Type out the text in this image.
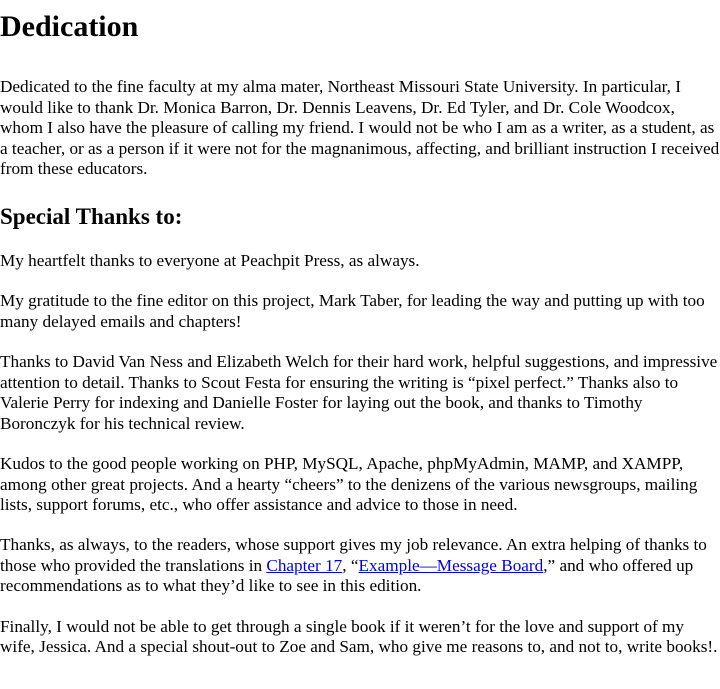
Dedication

Dedicated to the fine faculty at my alma mater, Northeast Missouri State University. In particular, I would like to thank Dr. Monica Barron, Dr. Dennis Leavens, Dr. Ed Tyler, and Dr. Cole Woodcox, whom I also have the pleasure of calling my friend. I would not be who I am as a writer, as a student, as a teacher, or as a person if it were not for the magnanimous, affecting, and brilliant instruction I received from these educators.

Special Thanks to:

My heartfelt thanks to everyone at Peachpit Press, as always.

My gratitude to the fine editor on this project, Mark Taber, for leading the way and putting up with too many delayed emails and chapters!

Thanks to David Van Ness and Elizabeth Welch for their hard work, helpful suggestions, and impressive attention to detail. Thanks to Scout Festa for ensuring the writing is “pixel perfect.” Thanks also to Valerie Perry for indexing and Danielle Foster for laying out the book, and thanks to Timothy Boronczyk for his technical review.

Kudos to the good people working on PHP, MySQL, Apache, phpMyAdmin, MAMP, and XAMPP, among other great projects. And a hearty “cheers” to the denizens of the various newsgroups, mailing lists, support forums, etc., who offer assistance and advice to those in need.

Thanks, as always, to the readers, whose support gives my job relevance. An extra helping of thanks to those who provided the translations in Chapter 17, “Example—Message Board,” and who offered up recommendations as to what they’d like to see in this edition.

Finally, I would not be able to get through a single book if it weren’t for the love and support of my wife, Jessica. And a special shout-out to Zoe and Sam, who give me reasons to, and not to, write books!.
